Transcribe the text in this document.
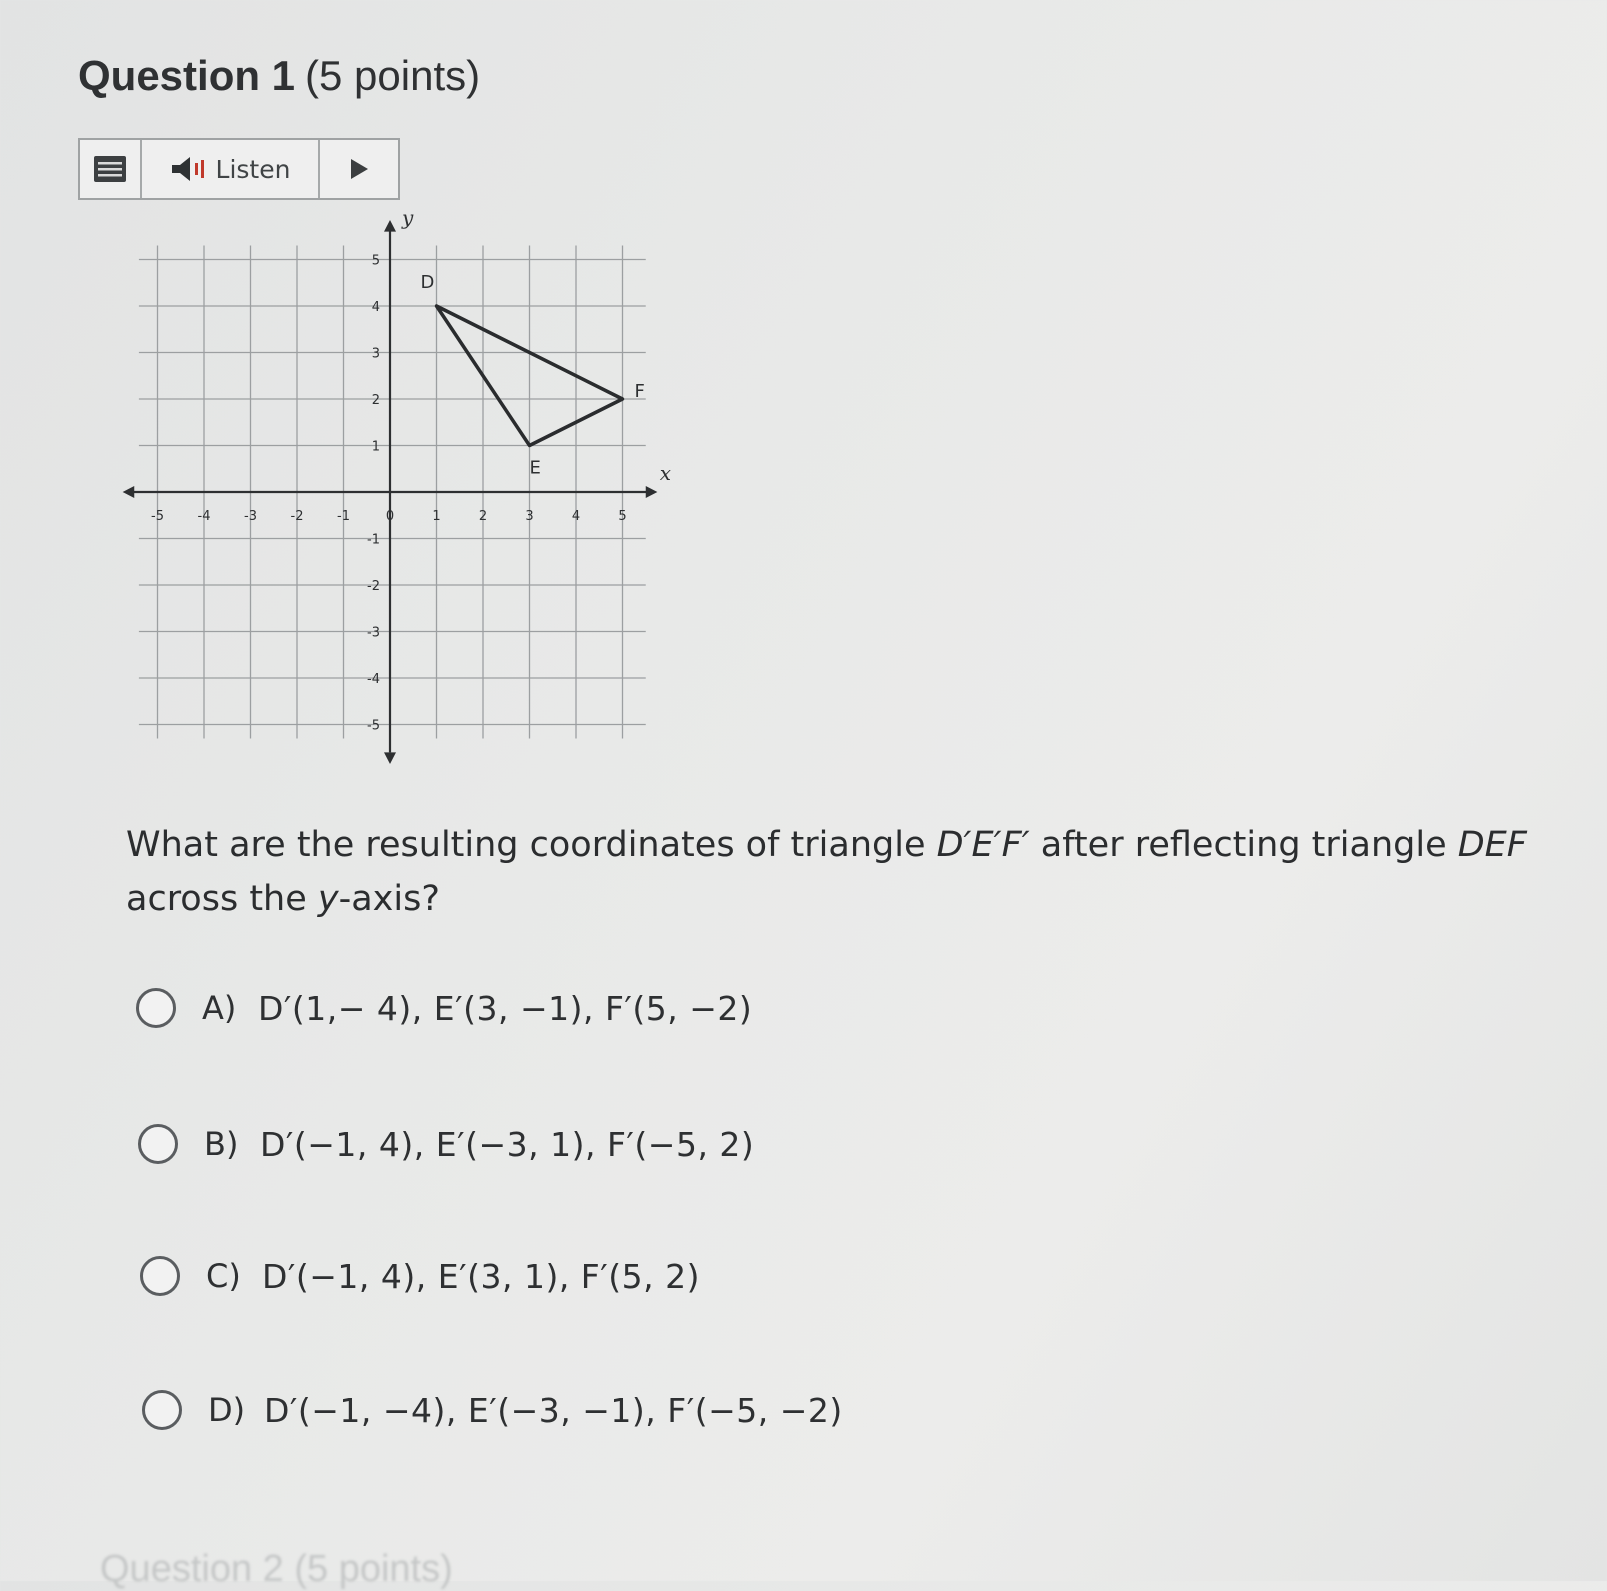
Question 1 (5 points)
Listen
x
y
-5	-4	-3	-2	-1	0	1	2	3	4	5
5
4
3
2
1
-1
-2
-3
-4
-5
D
E
F
What are the resulting coordinates of triangle D′E′F′ after reflecting triangle DEF across the y-axis?
A) D′(1,− 4), E′(3, −1), F′(5, −2)
B) D′(−1, 4), E′(−3, 1), F′(−5, 2)
C) D′(−1, 4), E′(3, 1), F′(5, 2)
D) D′(−1, −4), E′(−3, −1), F′(−5, −2)
Question 2 (5 points)
